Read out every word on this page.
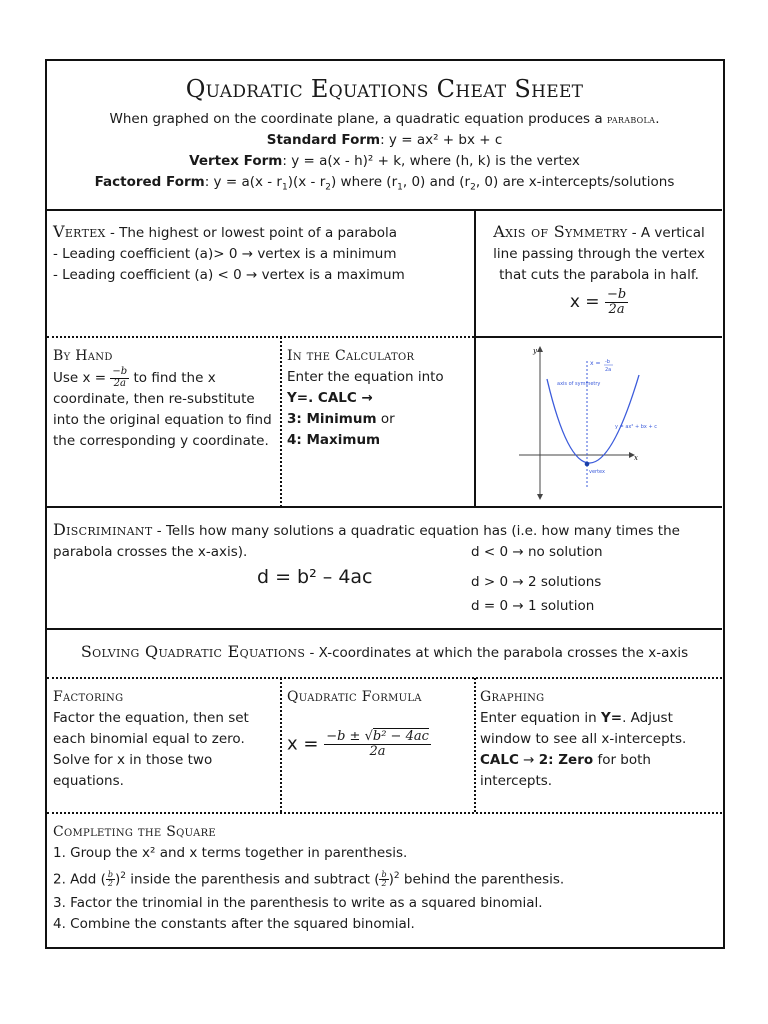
Quadratic Equations Cheat Sheet
When graphed on the coordinate plane, a quadratic equation produces a parabola.
Standard Form: y = ax² + bx + c
Vertex Form: y = a(x - h)² + k, where (h, k) is the vertex
Factored Form: $y = a(x - r_1)(x - r_2)$ where ($r_1$, 0) and ($r_2$, 0) are x-intercepts/solutions
Vertex - The highest or lowest point of a parabola
- Leading coefficient (a)> 0 → vertex is a minimum
- Leading coefficient (a) < 0 → vertex is a maximum
Axis of Symmetry - A vertical line passing through the vertex that cuts the parabola in half.
$x = \frac{-b}{2a}$
By Hand
Use $x = \frac{-b}{2a}$ to find the x coordinate, then re-substitute into the original equation to find the corresponding y coordinate.
In the Calculator
Enter the equation into
Y=. CALC →
3: Minimum or
4: Maximum
y
x
x = -b
2a
axis of symmetry
y = ax² + bx + c
vertex
Discriminant - Tells how many solutions a quadratic equation has (i.e. how many times the parabola crosses the x-axis).
d = b² – 4ac
d < 0 → no solution
d > 0 → 2 solutions
d = 0 → 1 solution
Solving Quadratic Equations - X-coordinates at which the parabola crosses the x-axis
Factoring
Factor the equation, then set each binomial equal to zero. Solve for x in those two equations.
Quadratic Formula
$x = \frac{\text{−b ± √b² − 4ac}}{2a}$
Graphing
Enter equation in Y=. Adjust window to see all x-intercepts. CALC → 2: Zero for both intercepts.
Completing the Square
1. Group the x² and x terms together in parenthesis.
2. Add ( $\frac{b}{2} )^2$ inside the parenthesis and subtract ( $\frac{b}{2} )^2$ behind the parenthesis.
3. Factor the trinomial in the parenthesis to write as a squared binomial.
4. Combine the constants after the squared binomial.
